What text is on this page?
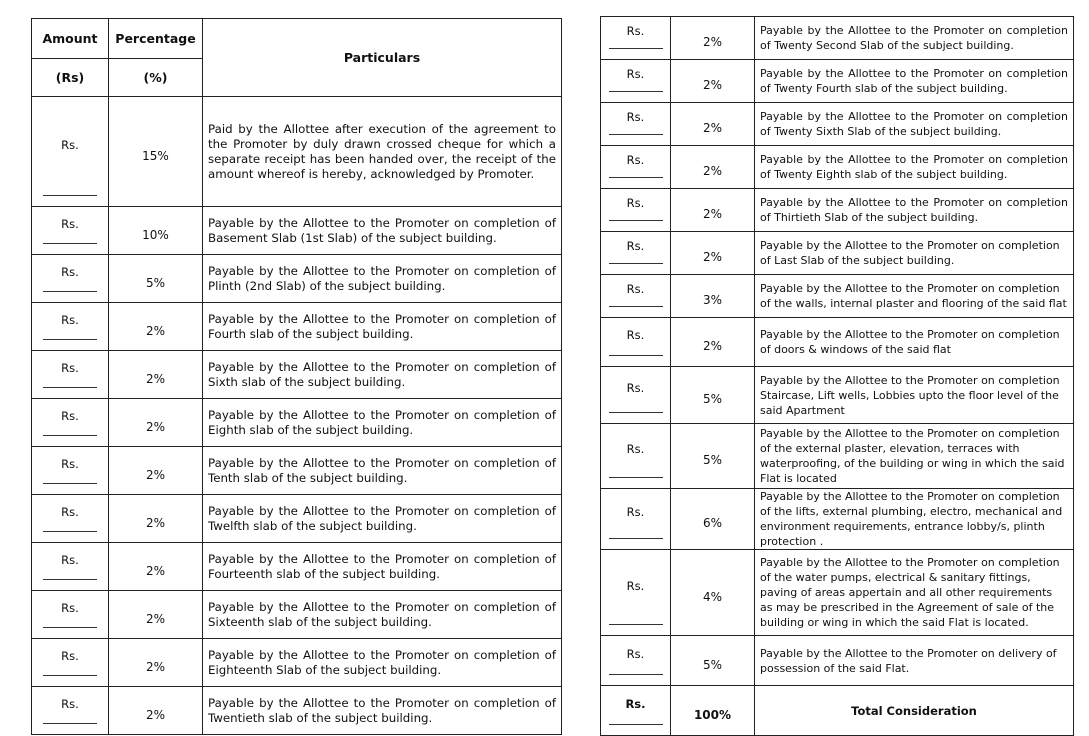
Amount	Percentage	Particulars
(Rs)	(%)	

Rs.	15%	Paid by the Allottee after execution of the agreement to the Promoter by duly drawn crossed cheque for which a separate receipt has been handed over, the receipt of the amount whereof is hereby, acknowledged by Promoter.

Rs.	10%	Payable by the Allottee to the Promoter on completion of Basement Slab (1st Slab) of the subject building.

Rs.	5%	Payable by the Allottee to the Promoter on completion of Plinth (2nd Slab) of the subject building.

Rs.	2%	Payable by the Allottee to the Promoter on completion of Fourth slab of the subject building.

Rs.	2%	Payable by the Allottee to the Promoter on completion of Sixth slab of the subject building.

Rs.	2%	Payable by the Allottee to the Promoter on completion of Eighth slab of the subject building.

Rs.	2%	Payable by the Allottee to the Promoter on completion of Tenth slab of the subject building.

Rs.	2%	Payable by the Allottee to the Promoter on completion of Twelfth slab of the subject building.

Rs.	2%	Payable by the Allottee to the Promoter on completion of Fourteenth slab of the subject building.

Rs.	2%	Payable by the Allottee to the Promoter on completion of Sixteenth slab of the subject building.

Rs.	2%	Payable by the Allottee to the Promoter on completion of Eighteenth Slab of the subject building.

Rs.	2%	Payable by the Allottee to the Promoter on completion of Twentieth slab of the subject building.
Rs.	2%	Payable by the Allottee to the Promoter on completion of Twenty Second Slab of the subject building.

Rs.	2%	Payable by the Allottee to the Promoter on completion of Twenty Fourth slab of the subject building.

Rs.	2%	Payable by the Allottee to the Promoter on completion of Twenty Sixth Slab of the subject building.

Rs.	2%	Payable by the Allottee to the Promoter on completion of Twenty Eighth slab of the subject building.

Rs.	2%	Payable by the Allottee to the Promoter on completion of Thirtieth Slab of the subject building.

Rs.	2%	Payable by the Allottee to the Promoter on completion of Last Slab of the subject building.

Rs.	3%	Payable by the Allottee to the Promoter on completion of the walls, internal plaster and flooring of the said flat

Rs.	2%	Payable by the Allottee to the Promoter on completion of doors & windows of the said flat

Rs.	5%	Payable by the Allottee to the Promoter on completion Staircase, Lift wells, Lobbies upto the floor level of the said Apartment

Rs.	5%	Payable by the Allottee to the Promoter on completion of the external plaster, elevation, terraces with waterproofing, of the building or wing in which the said Flat is located

Rs.	6%	Payable by the Allottee to the Promoter on completion of the lifts, external plumbing, electro, mechanical and environment requirements, entrance lobby/s, plinth protection .

Rs.	4%	Payable by the Allottee to the Promoter on completion of the water pumps, electrical & sanitary fittings, paving of areas appertain and all other requirements as may be prescribed in the Agreement of sale of the building or wing in which the said Flat is located.

Rs.	5%	Payable by the Allottee to the Promoter on delivery of possession of the said Flat.

Rs.	100%	Total Consideration
